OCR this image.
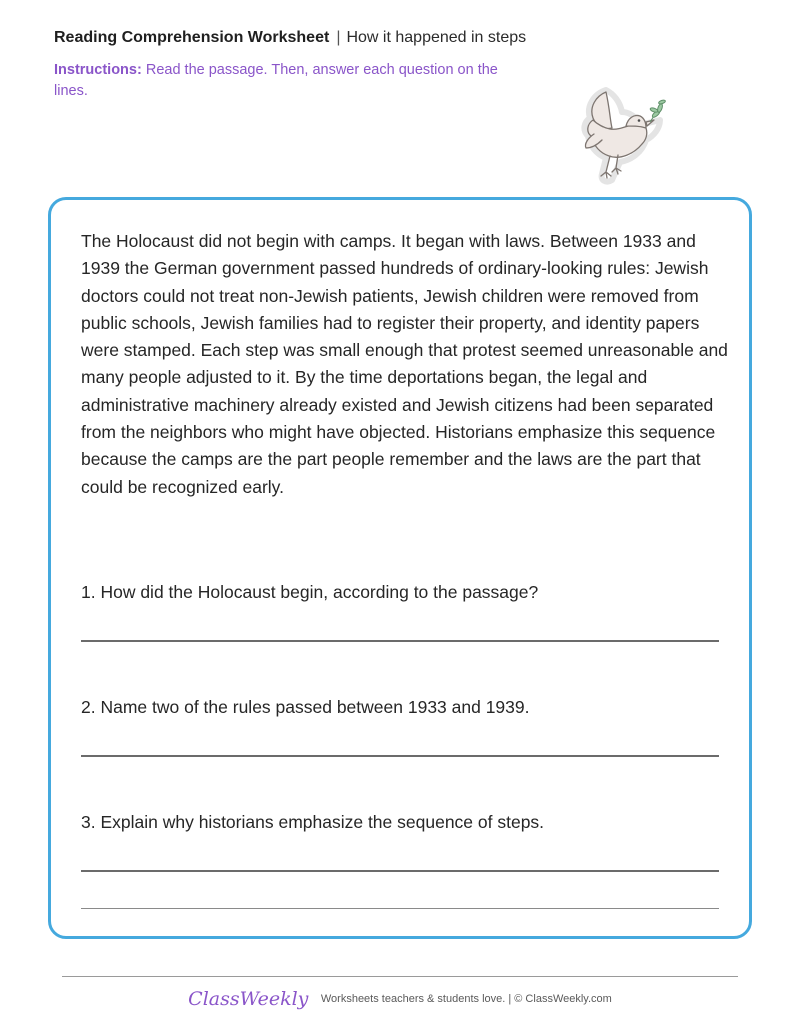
Reading Comprehension Worksheet | How it happened in steps
Instructions: Read the passage. Then, answer each question on the lines.

The Holocaust did not begin with camps. It began with laws. Between 1933 and 1939 the German government passed hundreds of ordinary-looking rules: Jewish doctors could not treat non-Jewish patients, Jewish children were removed from public schools, Jewish families had to register their property, and identity papers were stamped. Each step was small enough that protest seemed unreasonable and many people adjusted to it. By the time deportations began, the legal and administrative machinery already existed and Jewish citizens had been separated from the neighbors who might have objected. Historians emphasize this sequence because the camps are the part people remember and the laws are the part that could be recognized early.

1. How did the Holocaust begin, according to the passage?
2. Name two of the rules passed between 1933 and 1939.
3. Explain why historians emphasize the sequence of steps.
ClassWeekly Worksheets teachers & students love. | © ClassWeekly.com
